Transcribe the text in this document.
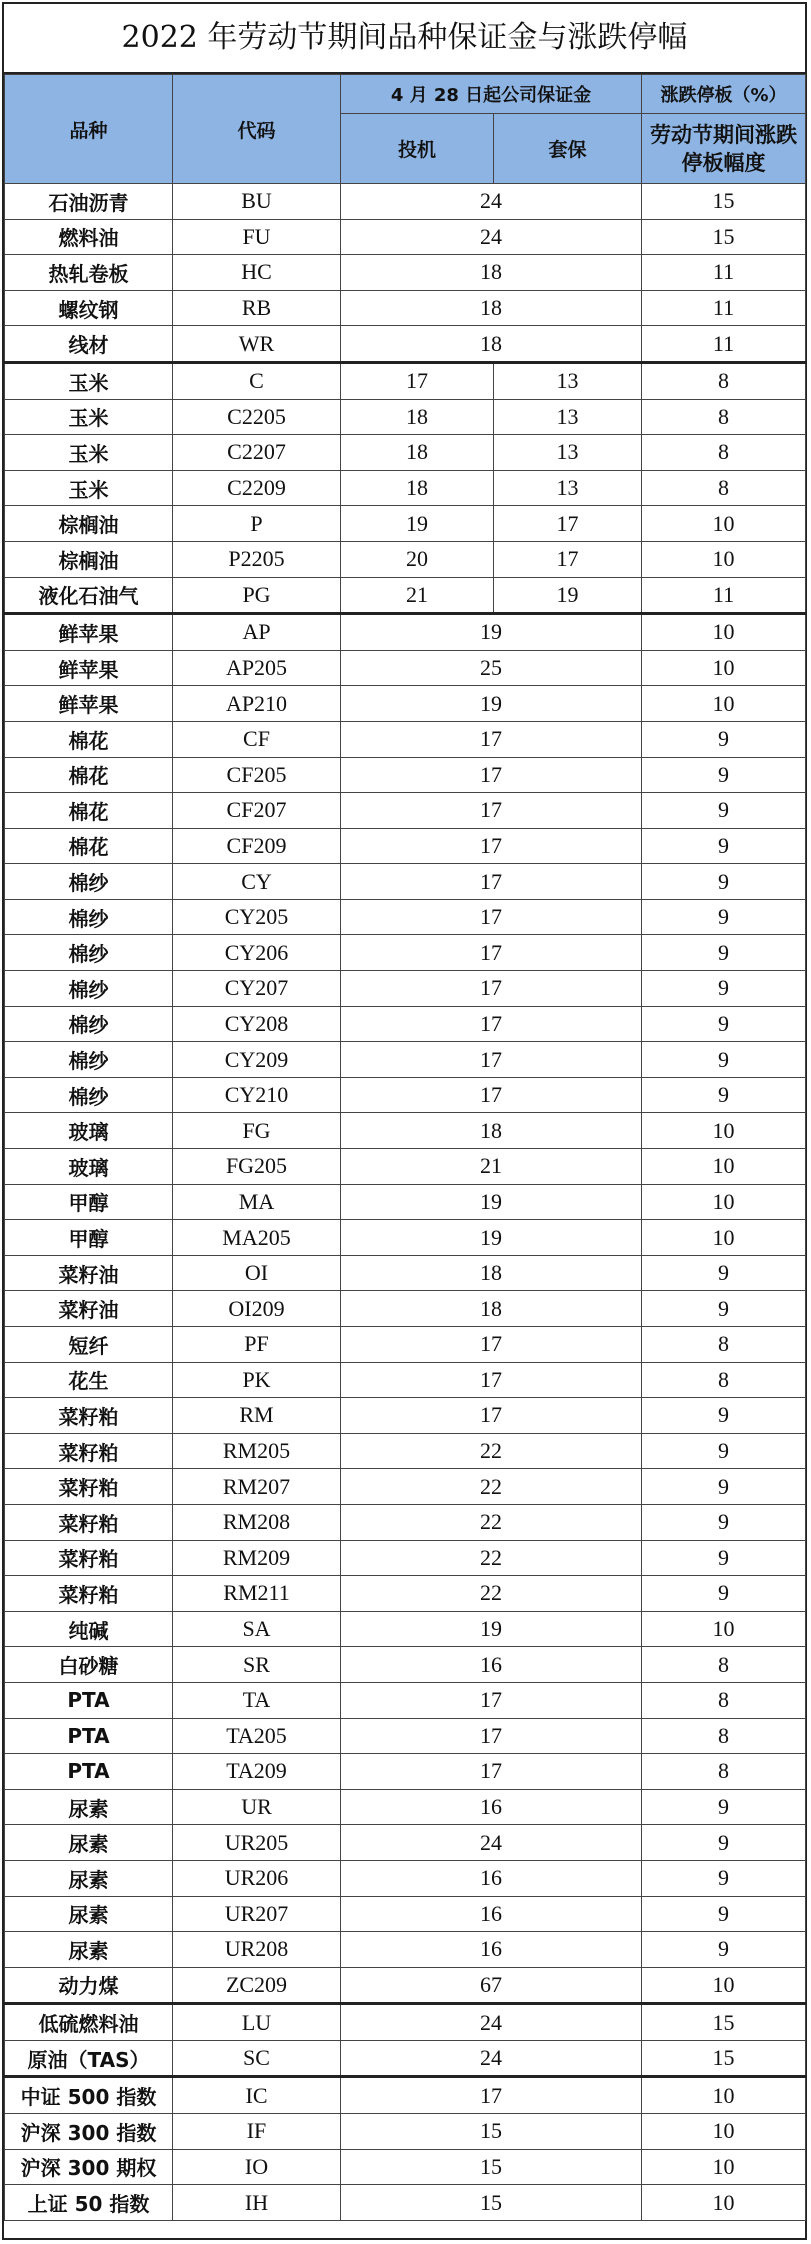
2022 年劳动节期间品种保证金与涨跌停幅
品种	代码	4 月 28 日起公司保证金		涨跌停板（%）
		投机	套保	劳动节期间涨跌停板幅度
石油沥青	BU	24		15
燃料油	FU	24		15
热轧卷板	HC	18		11
螺纹钢	RB	18		11
线材	WR	18		11
玉米	C	17	13	8
玉米	C2205	18	13	8
玉米	C2207	18	13	8
玉米	C2209	18	13	8
棕榈油	P	19	17	10
棕榈油	P2205	20	17	10
液化石油气	PG	21	19	11
鲜苹果	AP	19		10
鲜苹果	AP205	25		10
鲜苹果	AP210	19		10
棉花	CF	17		9
棉花	CF205	17		9
棉花	CF207	17		9
棉花	CF209	17		9
棉纱	CY	17		9
棉纱	CY205	17		9
棉纱	CY206	17		9
棉纱	CY207	17		9
棉纱	CY208	17		9
棉纱	CY209	17		9
棉纱	CY210	17		9
玻璃	FG	18		10
玻璃	FG205	21		10
甲醇	MA	19		10
甲醇	MA205	19		10
菜籽油	OI	18		9
菜籽油	OI209	18		9
短纤	PF	17		8
花生	PK	17		8
菜籽粕	RM	17		9
菜籽粕	RM205	22		9
菜籽粕	RM207	22		9
菜籽粕	RM208	22		9
菜籽粕	RM209	22		9
菜籽粕	RM211	22		9
纯碱	SA	19		10
白砂糖	SR	16		8
PTA	TA	17		8
PTA	TA205	17		8
PTA	TA209	17		8
尿素	UR	16		9
尿素	UR205	24		9
尿素	UR206	16		9
尿素	UR207	16		9
尿素	UR208	16		9
动力煤	ZC209	67		10
低硫燃料油	LU	24		15
原油（TAS）	SC	24		15
中证 500 指数	IC	17		10
沪深 300 指数	IF	15		10
沪深 300 期权	IO	15		10
上证 50 指数	IH	15		10
